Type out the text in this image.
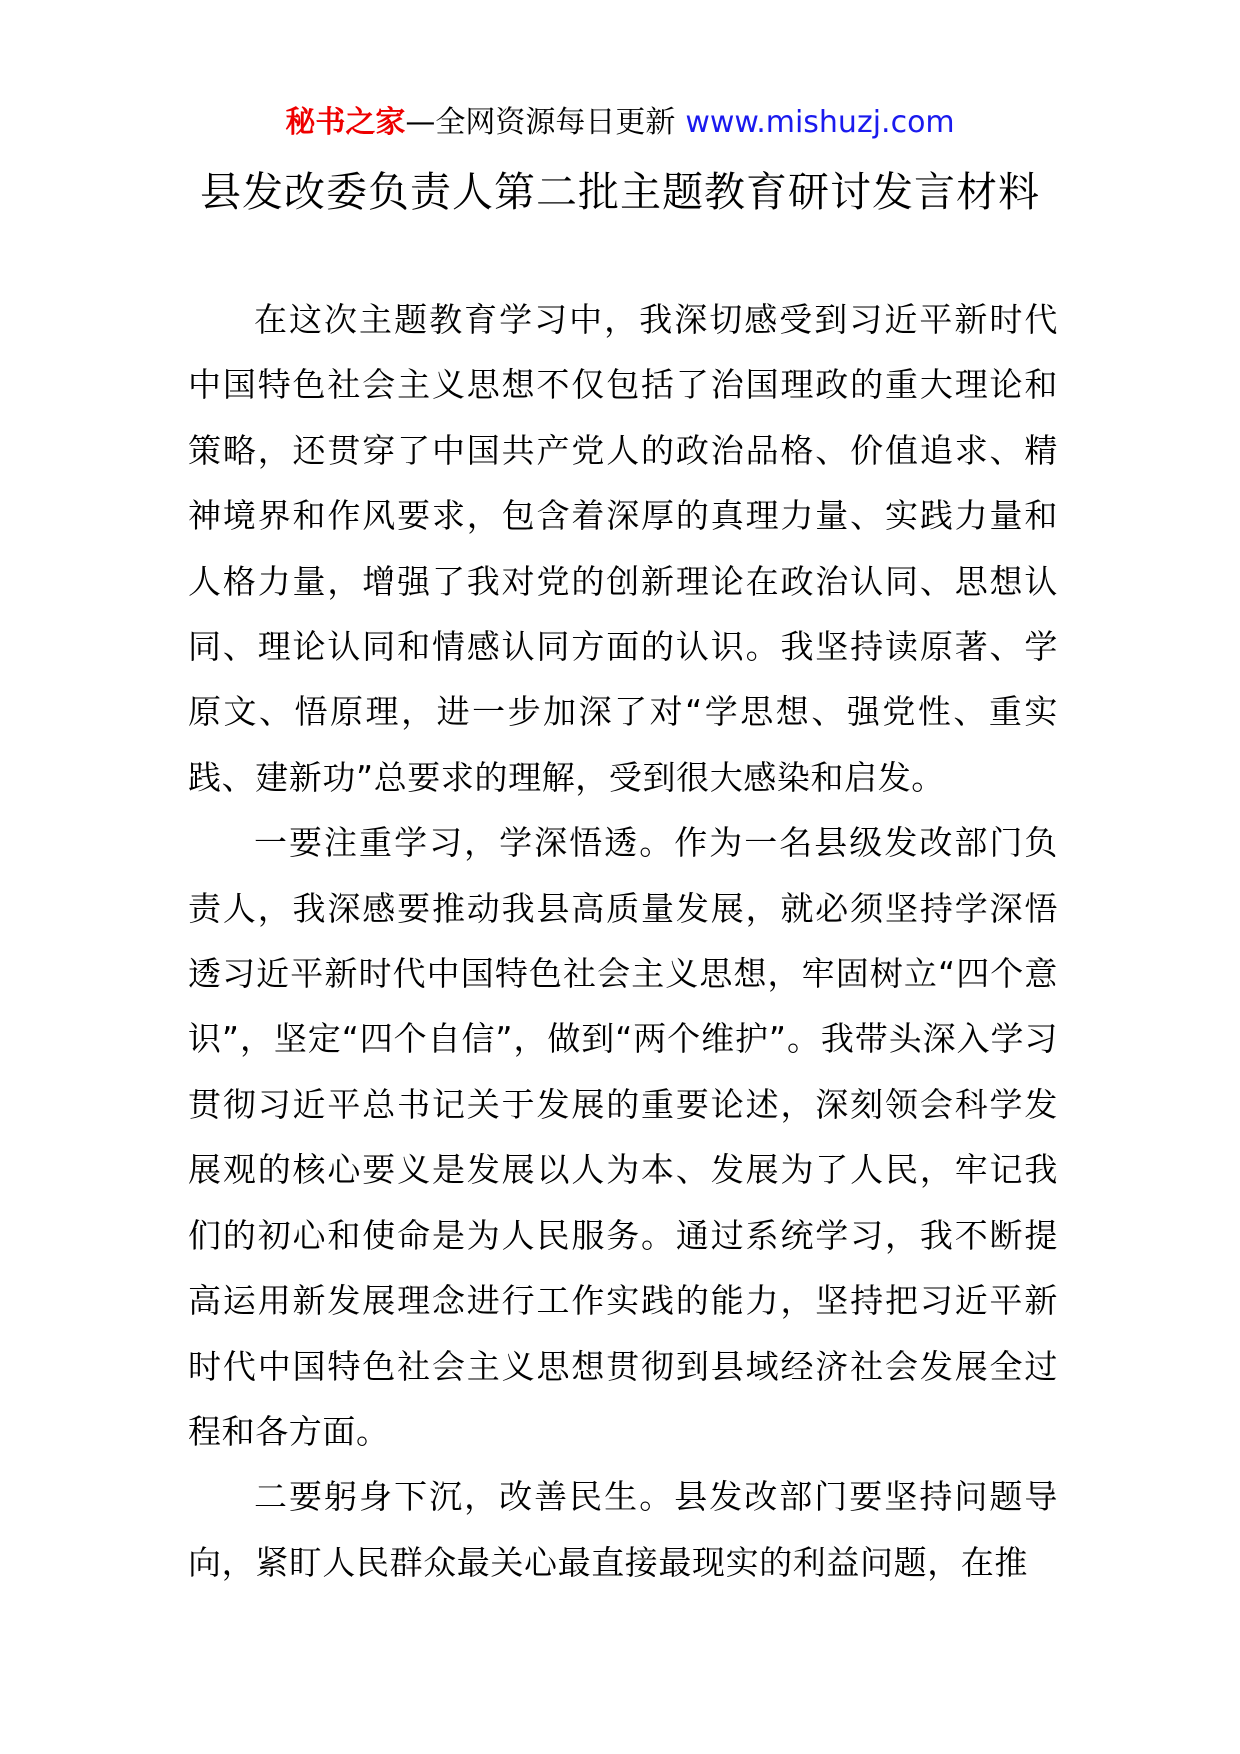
秘书之家—全网资源每日更新 www.mishuzj.com
县发改委负责人第二批主题教育研讨发言材料

在这次主题教育学习中，我深切感受到习近平新时代中国特色社会主义思想不仅包括了治国理政的重大理论和策略，还贯穿了中国共产党人的政治品格、价值追求、精神境界和作风要求，包含着深厚的真理力量、实践力量和人格力量，增强了我对党的创新理论在政治认同、思想认同、理论认同和情感认同方面的认识。我坚持读原著、学原文、悟原理，进一步加深了对“学思想、强党性、重实践、建新功”总要求的理解，受到很大感染和启发。

一要注重学习，学深悟透。作为一名县级发改部门负责人，我深感要推动我县高质量发展，就必须坚持学深悟透习近平新时代中国特色社会主义思想，牢固树立“四个意识”，坚定“四个自信”，做到“两个维护”。我带头深入学习贯彻习近平总书记关于发展的重要论述，深刻领会科学发展观的核心要义是发展以人为本、发展为了人民，牢记我们的初心和使命是为人民服务。通过系统学习，我不断提高运用新发展理念进行工作实践的能力，坚持把习近平新时代中国特色社会主义思想贯彻到县域经济社会发展全过程和各方面。

二要躬身下沉，改善民生。县发改部门要坚持问题导向，紧盯人民群众最关心最直接最现实的利益问题，在推
